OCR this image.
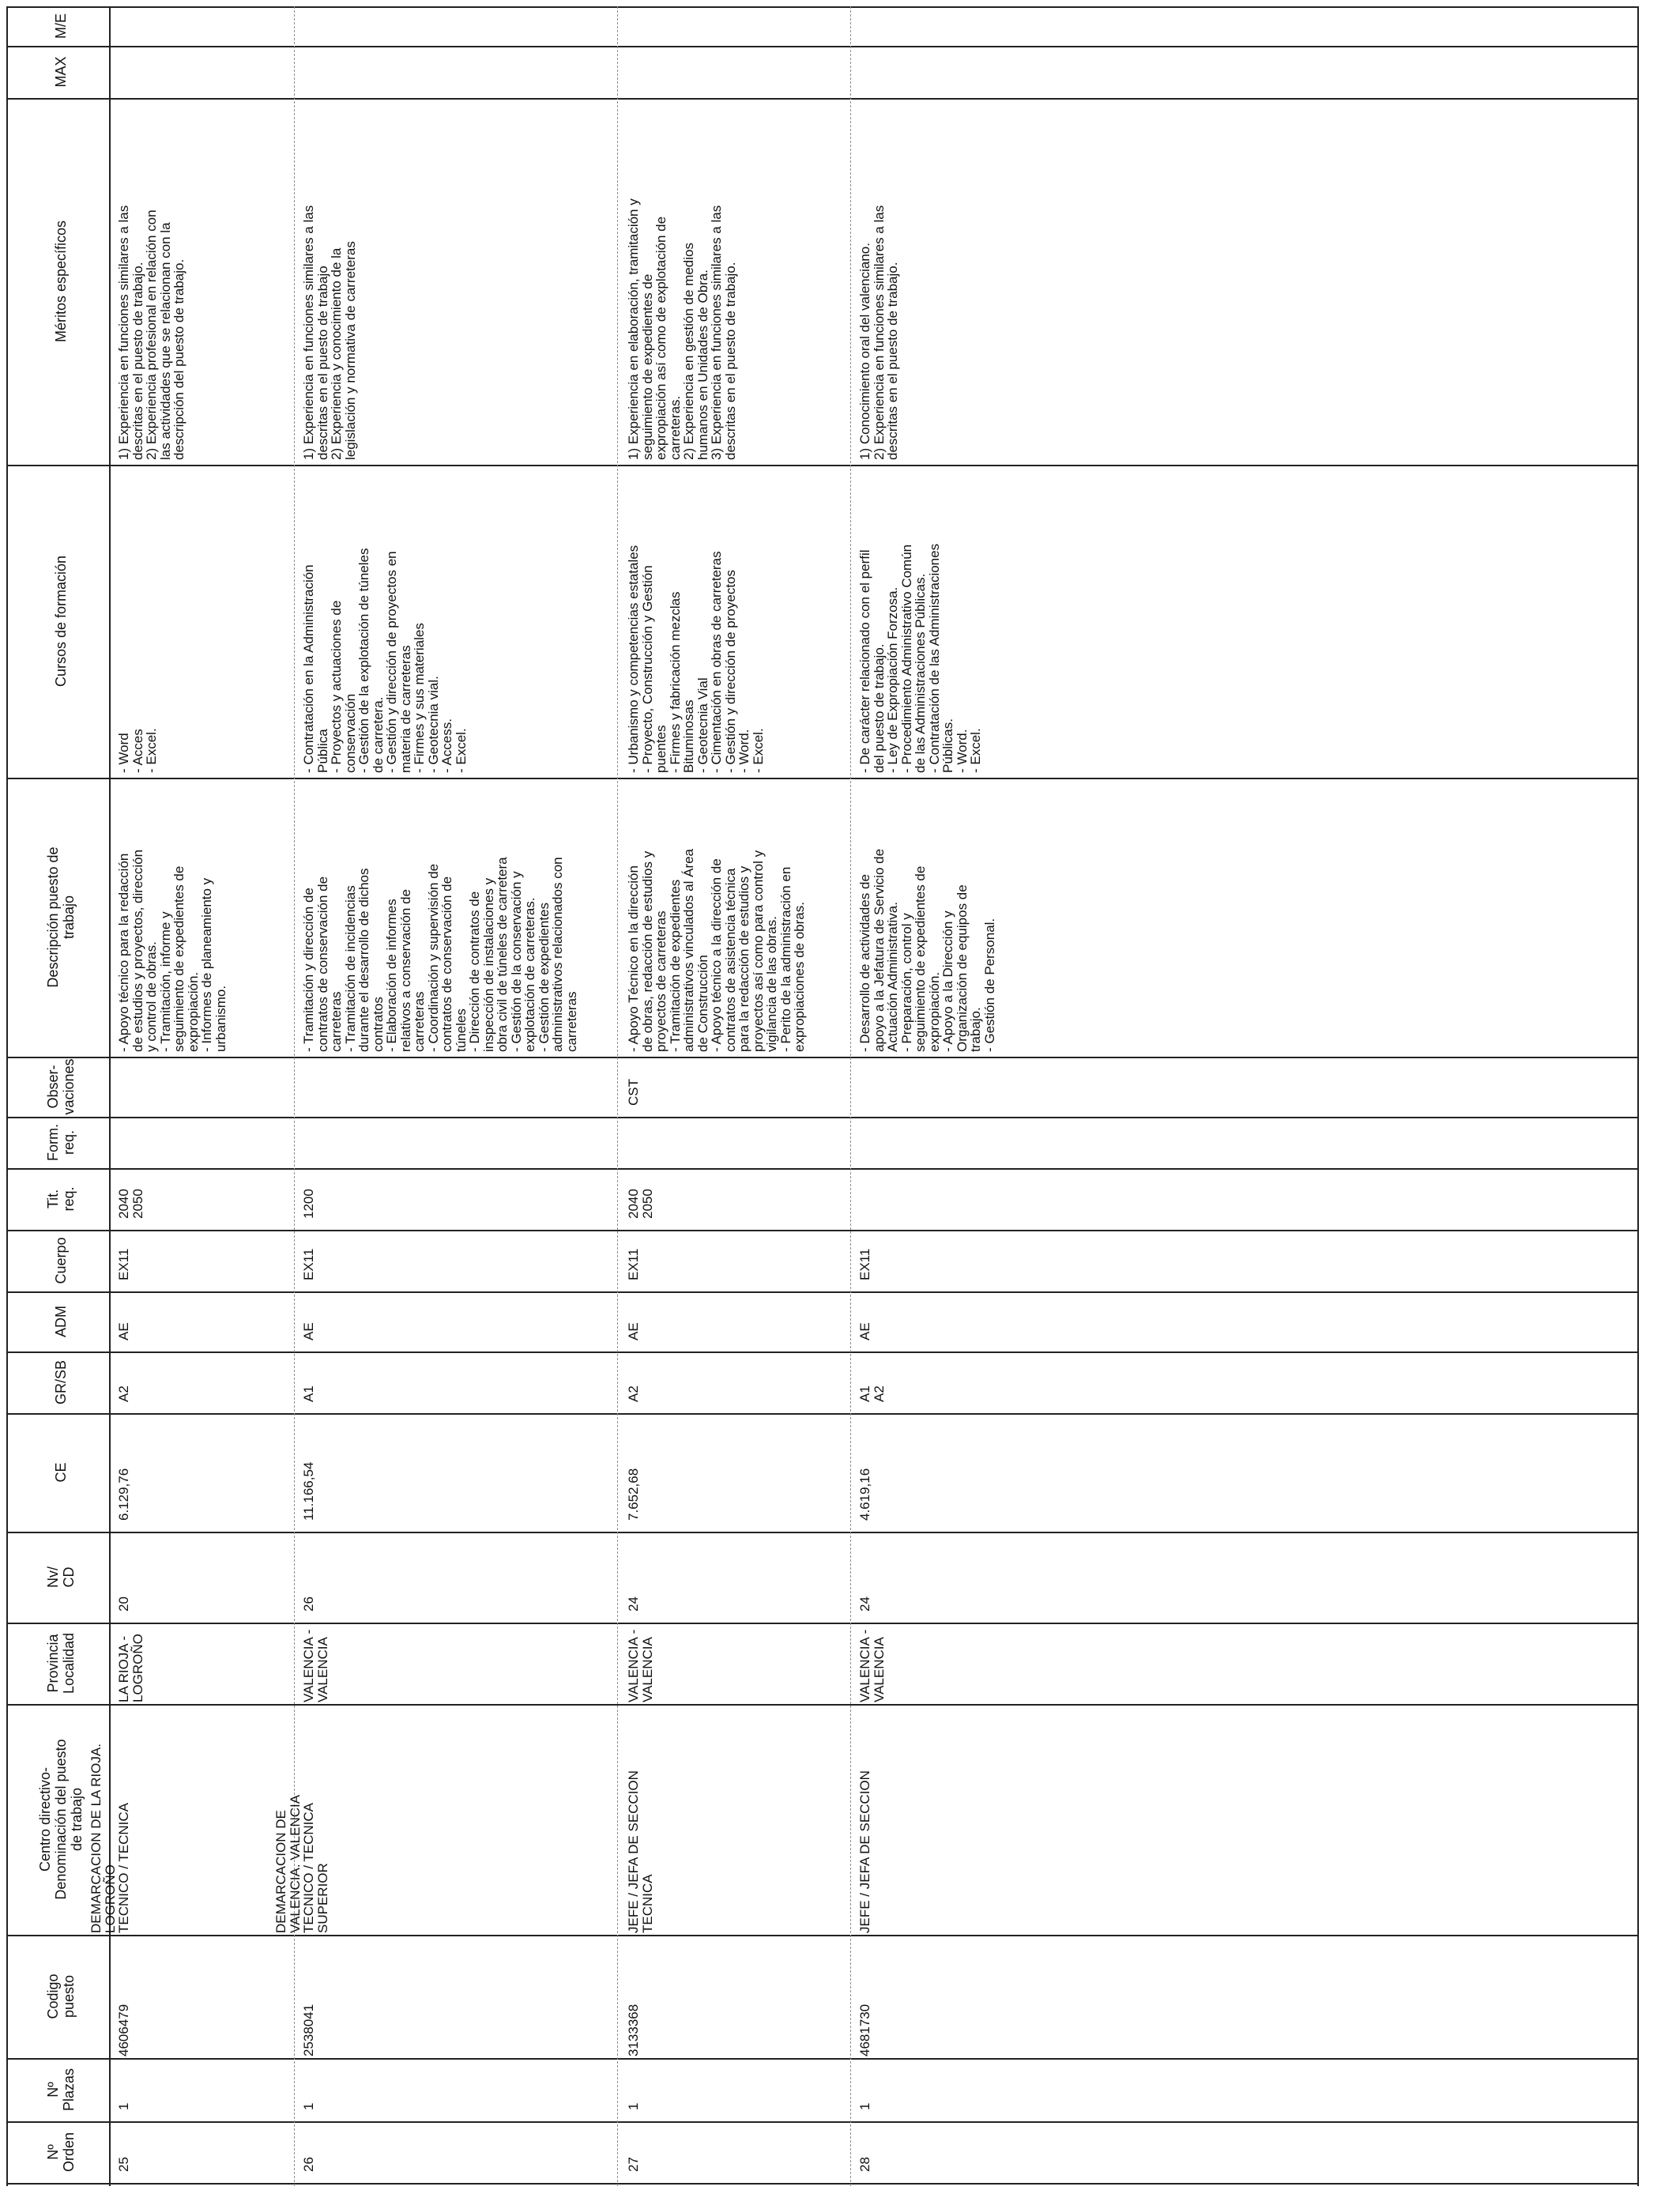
Nº
Orden
Nº
Plazas
Codigo
puesto
Centro directivo-
Denominación del puesto
de trabajo
Provincia
Localidad
Nv/
CD
CE
GR/SB
ADM
Cuerpo
Tit.
req.
Form.
req.
Obser-
vaciones
Descripción puesto de
trabajo
Cursos de formación
Méritos específicos
MAX
M/E
25
1
4606479
LA RIOJA -
LOGROÑO
20
6.129,76
A2
AE
EX11
2040
2050
- Apoyo técnico para la redacción
de estudios y proyectos, dirección
y control de obras.
- Tramitación, informe y
seguimiento de expedientes de
expropiación.
- Informes de planeamiento y
urbanismo.
- Word
- Acces
- Excel.
1) Experiencia en funciones similares a las
descritas en el puesto de trabajo.
2) Experiencia profesional en relación con
las actividades que se relacionan con la
descripción del puesto de trabajo.
DEMARCACION DE LA RIOJA.
LOGROÑO
TECNICO / TECNICA
26
1
2538041
VALENCIA -
VALENCIA
26
11.166,54
A1
AE
EX11
1200
- Tramitación y dirección de
contratos de conservación de
carreteras
- Tramitación de incidencias
durante el desarrollo de dichos
contratos
- Elaboración de informes
relativos a conservación de
carreteras
- Coordinación y supervisión de
contratos de conservación de
túneles
- Dirección de contratos de
inspección de instalaciones y
obra civil de túneles de carretera
- Gestión de la conservación y
explotación de carreteras.
- Gestión de expedientes
administrativos relacionados con
carreteras
- Contratación en la Administración
Pública
- Proyectos y actuaciones de
conservación
- Gestión de la explotación de túneles
de carretera.
- Gestión y dirección de proyectos en
materia de carreteras
- Firmes y sus materiales
- Geotecnia vial.
- Access.
- Excel.
1) Experiencia en funciones similares a las
descritas en el puesto de trabajo
2) Experiencia y conocimiento de la
legislación y normativa de carreteras
DEMARCACION DE
VALENCIA. VALENCIA
TECNICO / TECNICA
SUPERIOR
27
1
3133368
VALENCIA -
VALENCIA
24
7.652,68
A2
AE
EX11
2040
2050
CST
- Apoyo Técnico en la dirección
de obras, redacción de estudios y
proyectos de carreteras
- Tramitación de expedientes
administrativos vinculados al Área
de Construcción
- Apoyo técnico a la dirección de
contratos de asistencia técnica
para la redacción de estudios y
proyectos así como para control y
vigilancia de las obras.
- Perito de la administración en
expropiaciones de obras.
- Urbanismo y competencias estatales
- Proyecto, Construcción y Gestión
puentes
- Firmes y fabricación mezclas
Bituminosas
- Geotecnia Vial
- Cimentación en obras de carreteras
- Gestión y dirección de proyectos
- Word.
- Excel.
1) Experiencia en elaboración, tramitación y
seguimiento de expedientes de
expropiación así como de explotación de
carreteras.
2) Experiencia en gestión de medios
humanos en Unidades de Obra.
3) Experiencia en funciones similares a las
descritas en el puesto de trabajo.
JEFE / JEFA DE SECCION
TECNICA
28
1
4681730
VALENCIA -
VALENCIA
24
4.619,16
A1
A2
AE
EX11
- Desarrollo de actividades de
apoyo a la Jefatura de Servicio de
Actuación Administrativa.
- Preparación, control y
seguimiento de expedientes de
expropiación.
- Apoyo a la Dirección y
Organización de equipos de
trabajo.
- Gestión de Personal.
- De carácter relacionado con el perfil
del puesto de trabajo.
- Ley de Expropiación Forzosa.
- Procedimiento Administrativo Común
de las Administraciones Públicas.
- Contratación de las Administraciones
Públicas.
- Word.
- Excel.
1) Conocimiento oral del valenciano.
2) Experiencia en funciones similares a las
descritas en el puesto de trabajo.
JEFE / JEFA DE SECCION
